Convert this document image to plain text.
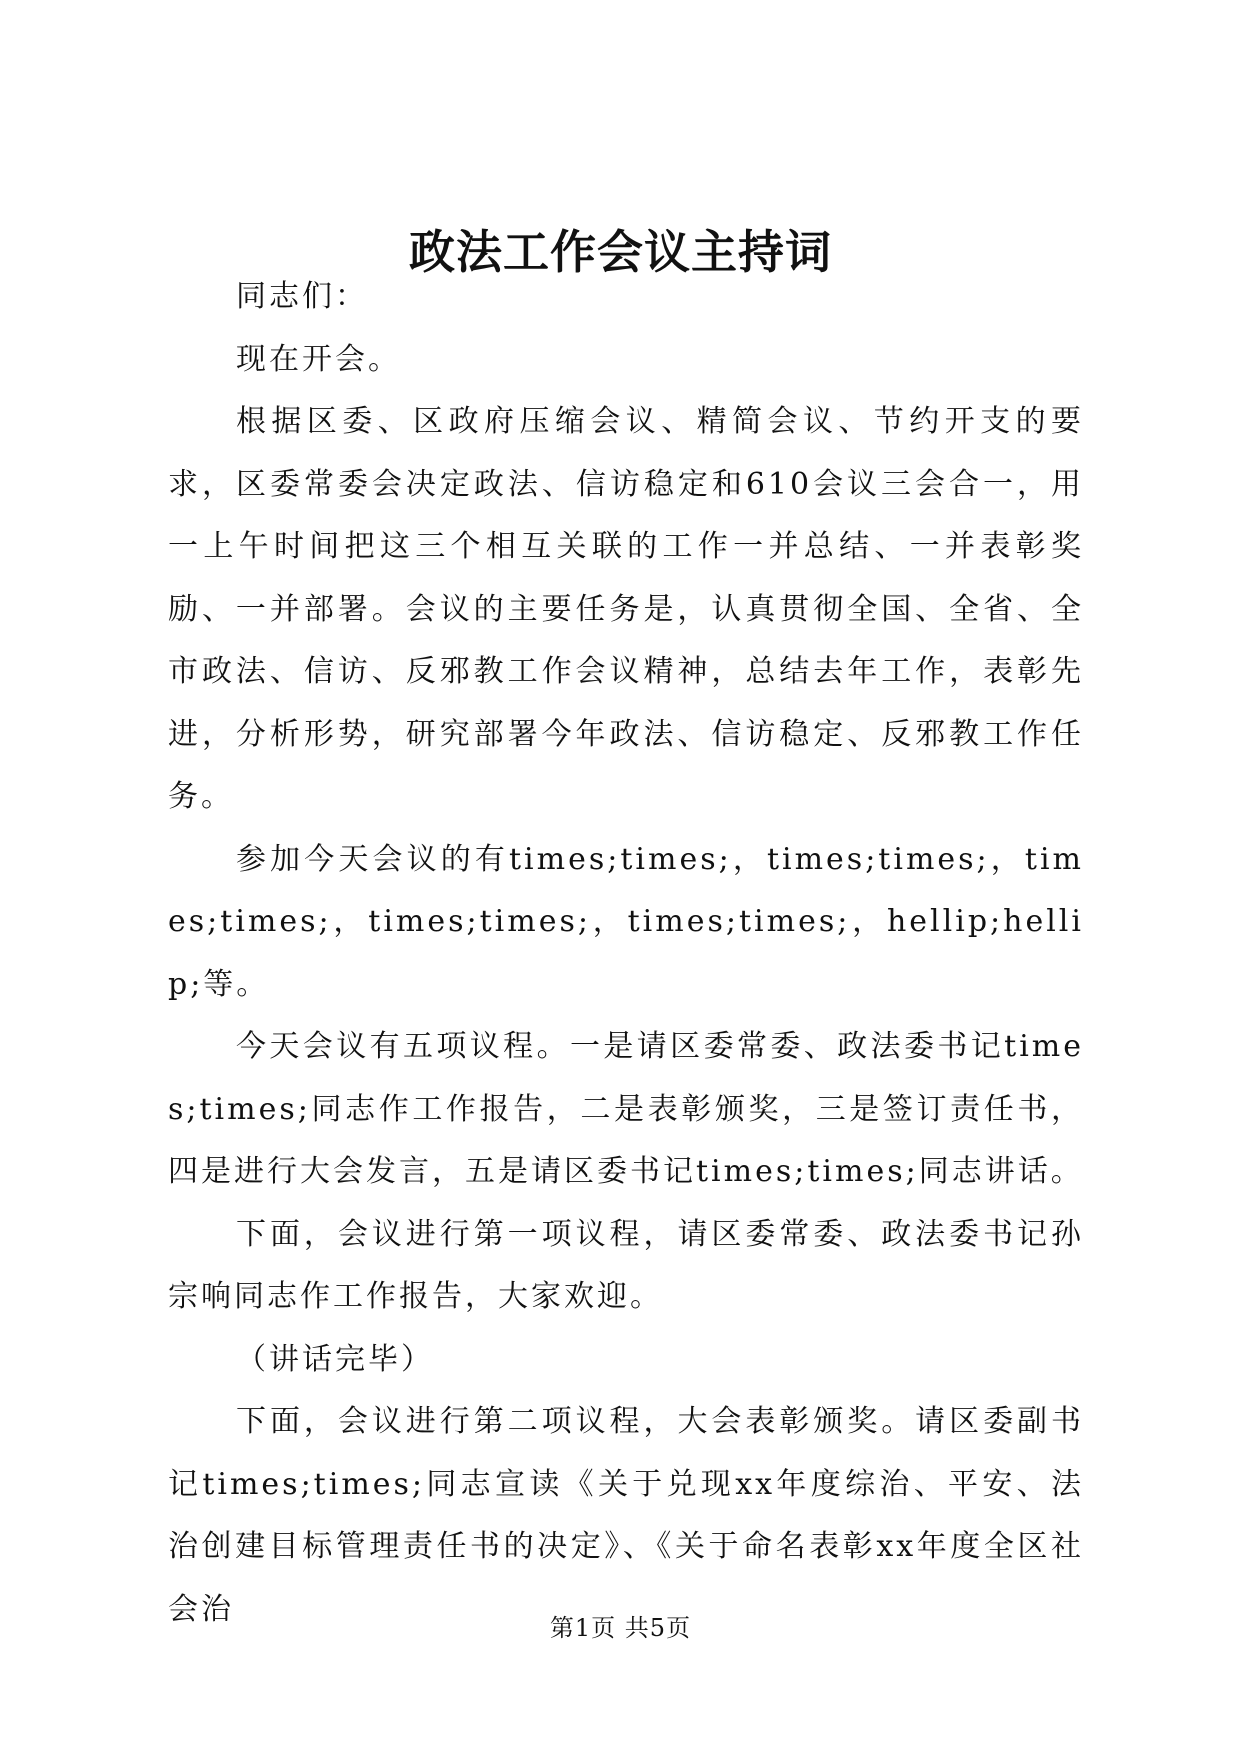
政法工作会议主持词

同志们：

现在开会。

根据区委、区政府压缩会议、精简会议、节约开支的要求，区委常委会决定政法、信访稳定和610会议三会合一，用一上午时间把这三个相互关联的工作一并总结、一并表彰奖励、一并部署。会议的主要任务是，认真贯彻全国、全省、全市政法、信访、反邪教工作会议精神，总结去年工作，表彰先进，分析形势，研究部署今年政法、信访稳定、反邪教工作任务。

参加今天会议的有times;times;，times;times;，times;times;，times;times;，times;times;，hellip;hellip;等。

今天会议有五项议程。一是请区委常委、政法委书记times;times;同志作工作报告，二是表彰颁奖，三是签订责任书，四是进行大会发言，五是请区委书记times;times;同志讲话。

下面，会议进行第一项议程，请区委常委、政法委书记孙宗响同志作工作报告，大家欢迎。

（讲话完毕）

下面，会议进行第二项议程，大会表彰颁奖。请区委副书记times;times;同志宣读《关于兑现xx年度综治、平安、法治创建目标管理责任书的决定》、《关于命名表彰xx年度全区社会治

第1页 共5页
